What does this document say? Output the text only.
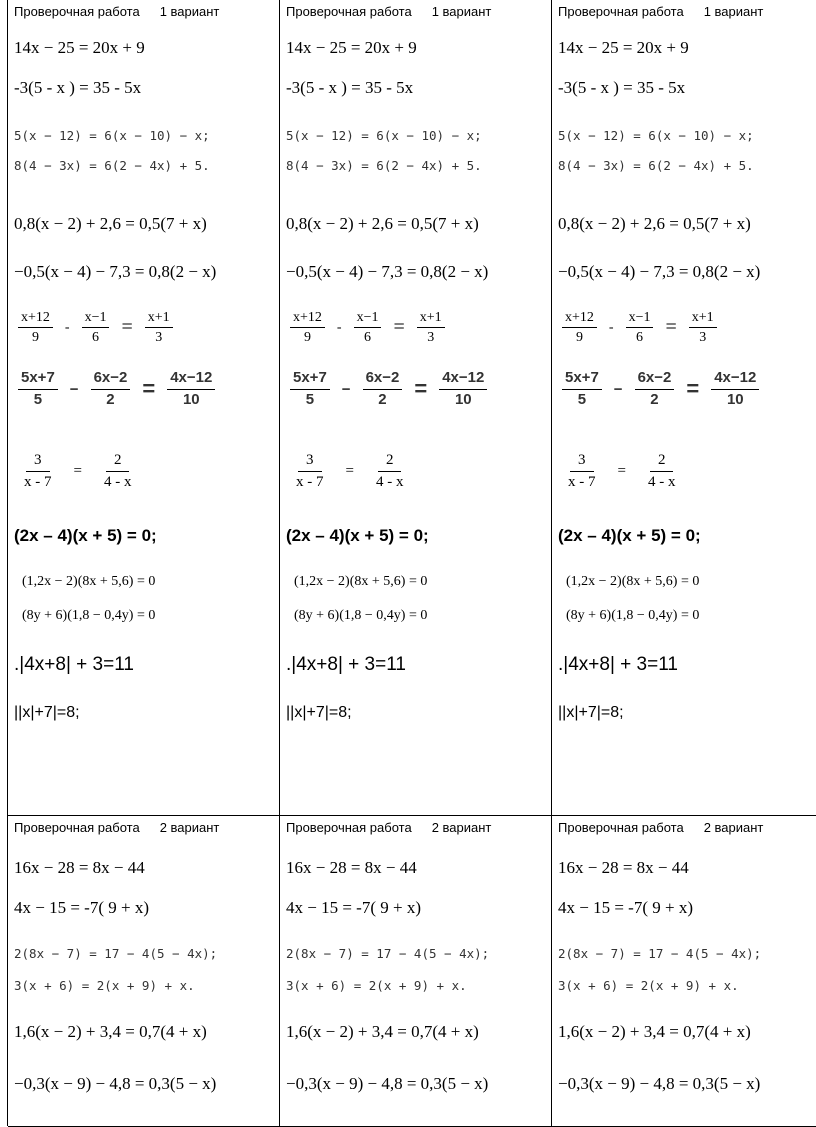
Проверочная работа 1 вариант
14x − 25 = 20x + 9
-3(5 - x ) = 35 - 5x
5(x − 12) = 6(x − 10) − x;
8(4 − 3x) = 6(2 − 4x) + 5.
0,8(x − 2) + 2,6 = 0,5(7 + x)
−0,5(x − 4) − 7,3 = 0,8(2 − x)
$\frac{x+12}{9} - \frac{x-1}{6} = \frac{x+1}{3}$
$\frac{5x+7}{5} - \frac{6x-2}{2} = \frac{4x-12}{10}$
$\frac{3}{x - 7} = \frac{2}{4 - x}$
(2x – 4)(x + 5) = 0;
(1,2x − 2)(8x + 5,6) = 0
(8y + 6)(1,8 − 0,4y) = 0
.|4x+8| + 3=11
||x|+7|=8;
Проверочная работа 1 вариант
14x − 25 = 20x + 9
-3(5 - x ) = 35 - 5x
5(x − 12) = 6(x − 10) − x;
8(4 − 3x) = 6(2 − 4x) + 5.
0,8(x − 2) + 2,6 = 0,5(7 + x)
−0,5(x − 4) − 7,3 = 0,8(2 − x)
$\frac{x+12}{9} - \frac{x-1}{6} = \frac{x+1}{3}$
$\frac{5x+7}{5} - \frac{6x-2}{2} = \frac{4x-12}{10}$
$\frac{3}{x - 7} = \frac{2}{4 - x}$
(2x – 4)(x + 5) = 0;
(1,2x − 2)(8x + 5,6) = 0
(8y + 6)(1,8 − 0,4y) = 0
.|4x+8| + 3=11
||x|+7|=8;
Проверочная работа 1 вариант
14x − 25 = 20x + 9
-3(5 - x ) = 35 - 5x
5(x − 12) = 6(x − 10) − x;
8(4 − 3x) = 6(2 − 4x) + 5.
0,8(x − 2) + 2,6 = 0,5(7 + x)
−0,5(x − 4) − 7,3 = 0,8(2 − x)
$\frac{x+12}{9} - \frac{x-1}{6} = \frac{x+1}{3}$
$\frac{5x+7}{5} - \frac{6x-2}{2} = \frac{4x-12}{10}$
$\frac{3}{x - 7} = \frac{2}{4 - x}$
(2x – 4)(x + 5) = 0;
(1,2x − 2)(8x + 5,6) = 0
(8y + 6)(1,8 − 0,4y) = 0
.|4x+8| + 3=11
||x|+7|=8;
Проверочная работа 2 вариант
16x − 28 = 8x − 44
4x − 15 = -7( 9 + x)
2(8x − 7) = 17 − 4(5 − 4x);
3(x + 6) = 2(x + 9) + x.
1,6(x − 2) + 3,4 = 0,7(4 + x)
−0,3(x − 9) − 4,8 = 0,3(5 − x)
Проверочная работа 2 вариант
16x − 28 = 8x − 44
4x − 15 = -7( 9 + x)
2(8x − 7) = 17 − 4(5 − 4x);
3(x + 6) = 2(x + 9) + x.
1,6(x − 2) + 3,4 = 0,7(4 + x)
−0,3(x − 9) − 4,8 = 0,3(5 − x)
Проверочная работа 2 вариант
16x − 28 = 8x − 44
4x − 15 = -7( 9 + x)
2(8x − 7) = 17 − 4(5 − 4x);
3(x + 6) = 2(x + 9) + x.
1,6(x − 2) + 3,4 = 0,7(4 + x)
−0,3(x − 9) − 4,8 = 0,3(5 − x)
